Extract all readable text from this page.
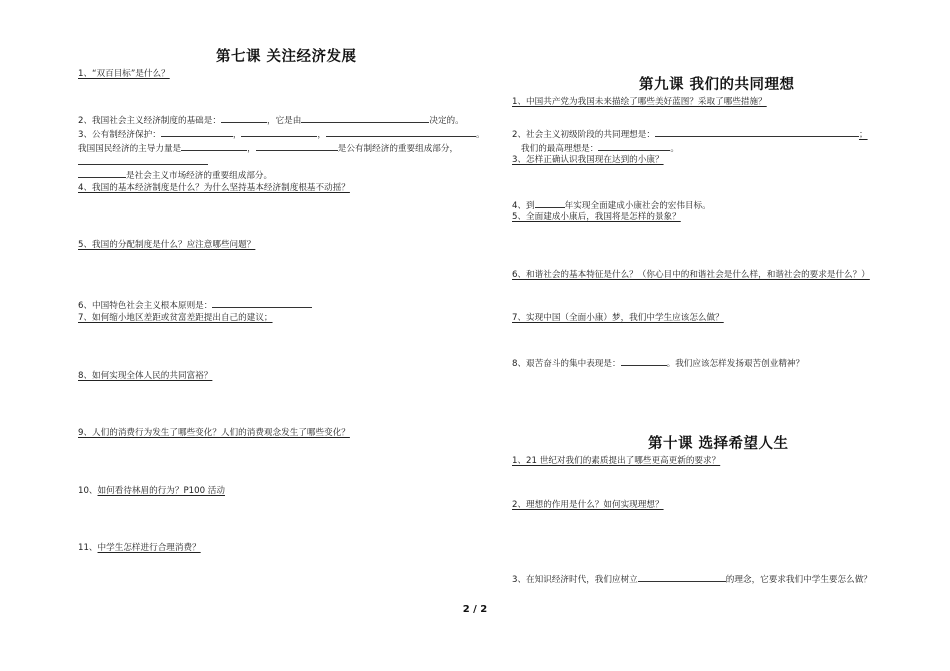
第七课 关注经济发展
1、“双百目标”是什么？
2、我国社会主义经济制度的基础是：	，它是由	决定的。
3、公有制经济保护：	，	，	。
我国国民经济的主导力量是	，	是公有制经济的重要组成部分，
是社会主义市场经济的重要组成部分。
4、我国的基本经济制度是什么？为什么坚持基本经济制度根基不动摇？
5、我国的分配制度是什么？应注意哪些问题？
6、中国特色社会主义根本原则是：
7、如何缩小地区差距或贫富差距提出自己的建议；
8、如何实现全体人民的共同富裕？
9、人们的消费行为发生了哪些变化？人们的消费观念发生了哪些变化？
10、如何看待林眉的行为？P100 活动
11、中学生怎样进行合理消费？
第九课 我们的共同理想
1、中国共产党为我国未来描绘了哪些美好蓝图？采取了哪些措施？
2、社会主义初级阶段的共同理想是：	；
我们的最高理想是：	。
3、怎样正确认识我国现在达到的小康？
4、到	年实现全面建成小康社会的宏伟目标。
5、全面建成小康后，我国将是怎样的景象？
6、和谐社会的基本特征是什么？（你心目中的和谐社会是什么样，和谐社会的要求是什么？）
7、实现中国（全面小康）梦，我们中学生应该怎么做？
8、艰苦奋斗的集中表现是：	。我们应该怎样发扬艰苦创业精神？
第十课 选择希望人生
1、21 世纪对我们的素质提出了哪些更高更新的要求？
2、理想的作用是什么？如何实现理想？
3、在知识经济时代，我们应树立	的理念，它要求我们中学生要怎么做？
2 / 2
